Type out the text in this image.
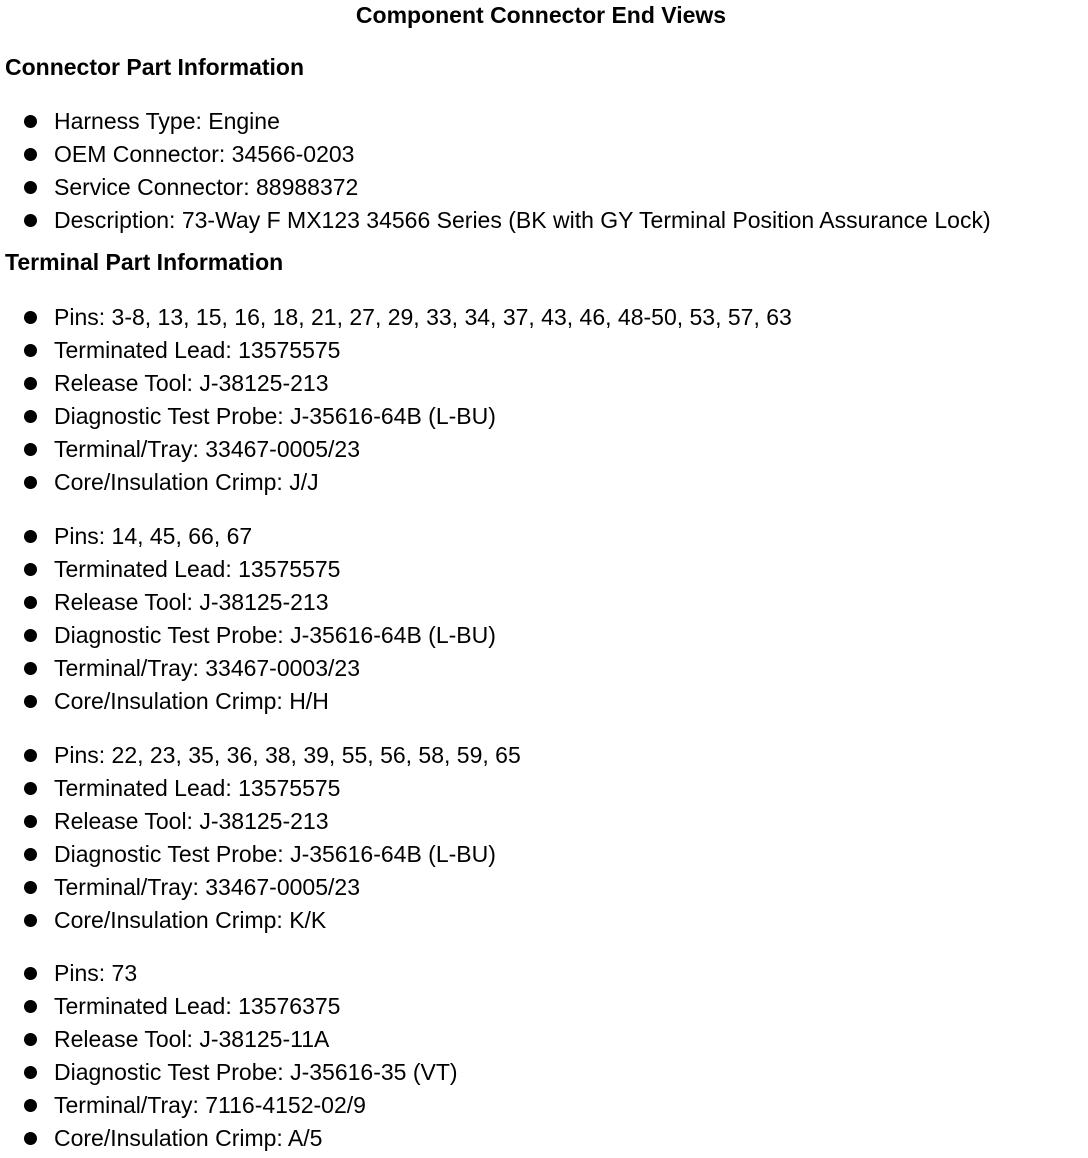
Component Connector End Views
Connector Part Information
Harness Type: Engine
OEM Connector: 34566-0203
Service Connector: 88988372
Description: 73-Way F MX123 34566 Series (BK with GY Terminal Position Assurance Lock)
Terminal Part Information
Pins: 3-8, 13, 15, 16, 18, 21, 27, 29, 33, 34, 37, 43, 46, 48-50, 53, 57, 63
Terminated Lead: 13575575
Release Tool: J-38125-213
Diagnostic Test Probe: J-35616-64B (L-BU)
Terminal/Tray: 33467-0005/23
Core/Insulation Crimp: J/J
Pins: 14, 45, 66, 67
Terminated Lead: 13575575
Release Tool: J-38125-213
Diagnostic Test Probe: J-35616-64B (L-BU)
Terminal/Tray: 33467-0003/23
Core/Insulation Crimp: H/H
Pins: 22, 23, 35, 36, 38, 39, 55, 56, 58, 59, 65
Terminated Lead: 13575575
Release Tool: J-38125-213
Diagnostic Test Probe: J-35616-64B (L-BU)
Terminal/Tray: 33467-0005/23
Core/Insulation Crimp: K/K
Pins: 73
Terminated Lead: 13576375
Release Tool: J-38125-11A
Diagnostic Test Probe: J-35616-35 (VT)
Terminal/Tray: 7116-4152-02/9
Core/Insulation Crimp: A/5
